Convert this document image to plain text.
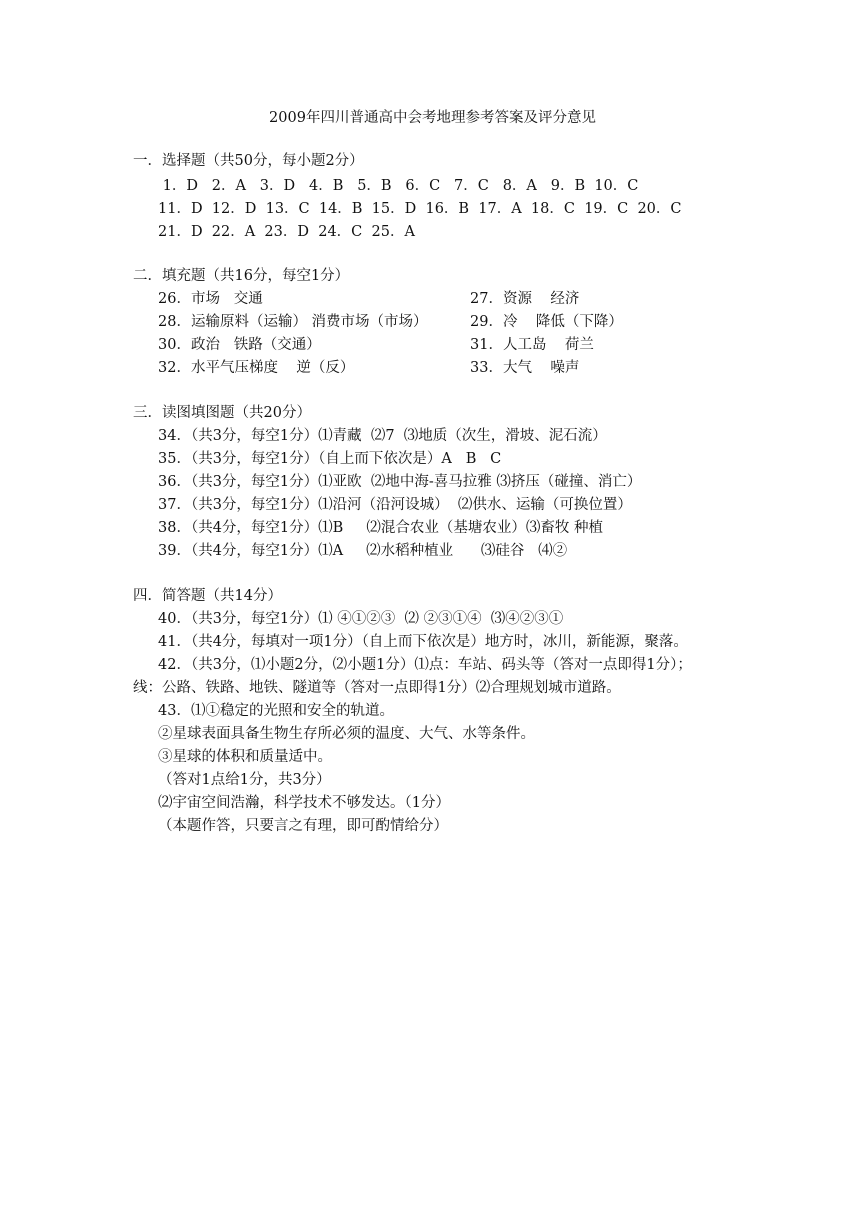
2009年四川普通高中会考地理参考答案及评分意见
一．选择题（共50分，每小题2分）
1．D   2．A   3．D   4．B   5．B   6．C   7．C   8．A   9．B  10．C
11．D  12．D  13．C  14．B  15．D  16．B  17．A  18．C  19．C  20．C
21．D  22．A  23．D  24．C  25．A
二．填充题（共16分，每空1分）
26．市场   交通	27．资源    经济
28．运输原料（运输） 消费市场（市场）	29．冷    降低（下降）
30．政治   铁路（交通）	31．人工岛    荷兰
32．水平气压梯度    逆（反）	33．大气    噪声
三．读图填图题（共20分）
34．（共3分，每空1分）⑴青藏  ⑵7  ⑶地质（次生，滑坡、泥石流）
35．（共3分，每空1分）（自上而下依次是）A   B   C
36．（共3分，每空1分）⑴亚欧  ⑵地中海-喜马拉雅 ⑶挤压（碰撞、消亡）
37．（共3分，每空1分）⑴沿河（沿河设城）  ⑵供水、运输（可换位置）
38．（共4分，每空1分）⑴B     ⑵混合农业（基塘农业）⑶畜牧 种植
39．（共4分，每空1分）⑴A     ⑵水稻种植业      ⑶硅谷   ⑷②
四．简答题（共14分）
40．（共3分，每空1分）⑴ ④①②③  ⑵ ②③①④  ⑶④②③①
41．（共4分，每填对一项1分）（自上而下依次是）地方时，冰川，新能源，聚落。
42．（共3分，⑴小题2分，⑵小题1分）⑴点：车站、码头等（答对一点即得1分）；
线：公路、铁路、地铁、隧道等（答对一点即得1分）⑵合理规划城市道路。
43．⑴①稳定的光照和安全的轨道。
②星球表面具备生物生存所必须的温度、大气、水等条件。
③星球的体积和质量适中。
（答对1点给1分，共3分）
⑵宇宙空间浩瀚，科学技术不够发达。（1分）
（本题作答，只要言之有理，即可酌情给分）
